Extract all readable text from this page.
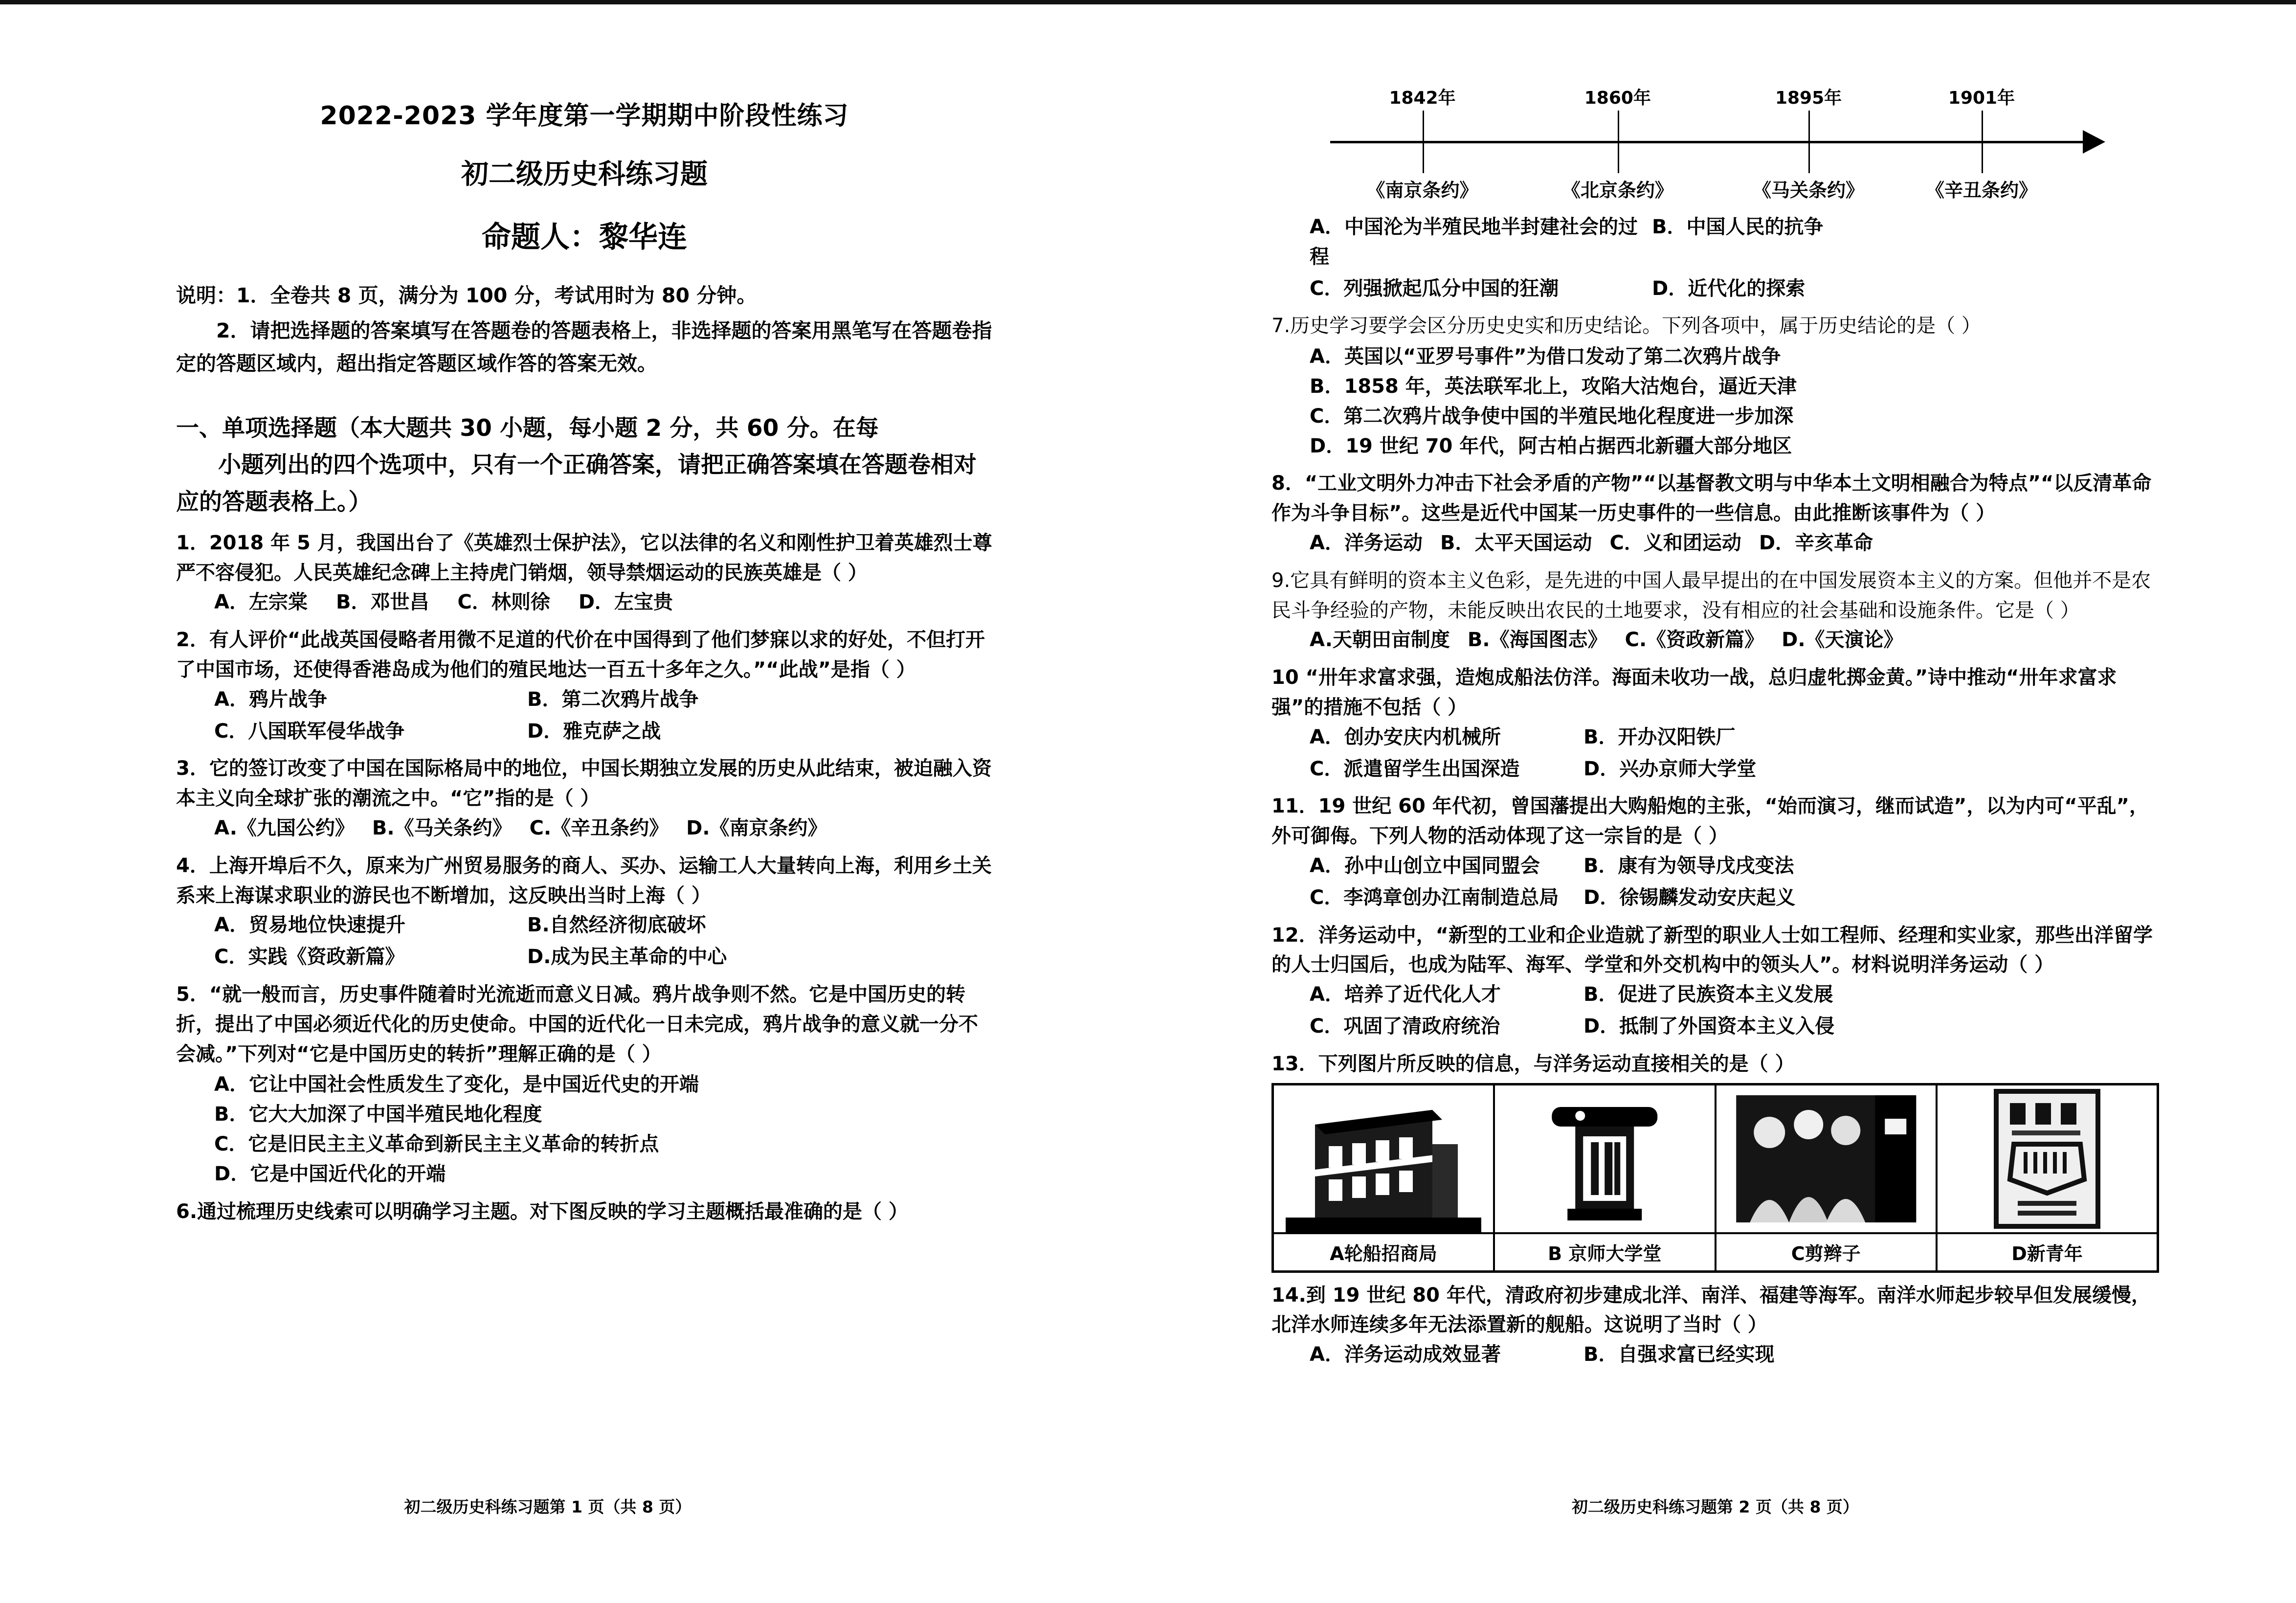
2022-2023 学年度第一学期期中阶段性练习
初二级历史科练习题
命题人：黎华连
说明：1．全卷共 8 页，满分为 100 分，考试用时为 80 分钟。
2．请把选择题的答案填写在答题卷的答题表格上，非选择题的答案用黑笔写在答题卷指定的答题区域内，超出指定答题区域作答的答案无效。
一、单项选择题（本大题共 30 小题，每小题 2 分，共 60 分。在每
小题列出的四个选项中，只有一个正确答案，请把正确答案填在答题卷相对应的答题表格上。）
1．2018 年 5 月，我国出台了《英雄烈士保护法》，它以法律的名义和刚性护卫着英雄烈士尊严不容侵犯。人民英雄纪念碑上主持虎门销烟，领导禁烟运动的民族英雄是（ ）
A．左宗棠 B．邓世昌 C．林则徐 D．左宝贵
2．有人评价“此战英国侵略者用微不足道的代价在中国得到了他们梦寐以求的好处，不但打开了中国市场，还使得香港岛成为他们的殖民地达一百五十多年之久。”“此战”是指（ ）
A．鸦片战争	B．第二次鸦片战争
C．八国联军侵华战争	D．雅克萨之战
3．它的签订改变了中国在国际格局中的地位，中国长期独立发展的历史从此结束，被迫融入资本主义向全球扩张的潮流之中。“它”指的是（ ）
A.《九国公约》 B.《马关条约》 C.《辛丑条约》 D.《南京条约》
4．上海开埠后不久，原来为广州贸易服务的商人、买办、运输工人大量转向上海，利用乡土关系来上海谋求职业的游民也不断增加，这反映出当时上海（ ）
A．贸易地位快速提升	B.自然经济彻底破坏
C．实践《资政新篇》	D.成为民主革命的中心
5．“就一般而言，历史事件随着时光流逝而意义日减。鸦片战争则不然。它是中国历史的转折，提出了中国必须近代化的历史使命。中国的近代化一日未完成，鸦片战争的意义就一分不会减。”下列对“它是中国历史的转折”理解正确的是（ ）
A．它让中国社会性质发生了变化，是中国近代史的开端
B．它大大加深了中国半殖民地化程度
C．它是旧民主主义革命到新民主主义革命的转折点
D．它是中国近代化的开端
6.通过梳理历史线索可以明确学习主题。对下图反映的学习主题概括最准确的是（ ）
初二级历史科练习题第 1 页（共 8 页）
1842年	1860年	1895年	1901年
《南京条约》	《北京条约》	《马关条约》	《辛丑条约》
A．中国沦为半殖民地半封建社会的过程
B．中国人民的抗争
C．列强掀起瓜分中国的狂潮	D．近代化的探索
7.历史学习要学会区分历史史实和历史结论。下列各项中，属于历史结论的是（ ）
A．英国以“亚罗号事件”为借口发动了第二次鸦片战争
B．1858 年，英法联军北上，攻陷大沽炮台，逼近天津
C．第二次鸦片战争使中国的半殖民地化程度进一步加深
D．19 世纪 70 年代，阿古柏占据西北新疆大部分地区
8．“工业文明外力冲击下社会矛盾的产物”“以基督教文明与中华本土文明相融合为特点”“以反清革命作为斗争目标”。这些是近代中国某一历史事件的一些信息。由此推断该事件为（ ）
A．洋务运动 B．太平天国运动 C．义和团运动 D．辛亥革命
9.它具有鲜明的资本主义色彩，是先进的中国人最早提出的在中国发展资本主义的方案。但他并不是农民斗争经验的产物，未能反映出农民的土地要求，没有相应的社会基础和设施条件。它是（ ）
A.天朝田亩制度 B.《海国图志》 C.《资政新篇》 D.《天演论》
10 “卅年求富求强，造炮成船法仿洋。海面未收功一战，总归虚牝掷金黄。”诗中推动“卅年求富求强”的措施不包括（ ）
A．创办安庆内机械所	B．开办汉阳铁厂
C．派遣留学生出国深造	D．兴办京师大学堂
11．19 世纪 60 年代初，曾国藩提出大购船炮的主张，“始而演习，继而试造”，以为内可“平乱”，外可御侮。下列人物的活动体现了这一宗旨的是（ ）
A．孙中山创立中国同盟会	B．康有为领导戊戌变法
C．李鸿章创办江南制造总局	D．徐锡麟发动安庆起义
12．洋务运动中，“新型的工业和企业造就了新型的职业人士如工程师、经理和实业家，那些出洋留学的人士归国后，也成为陆军、海军、学堂和外交机构中的领头人”。材料说明洋务运动（ ）
A．培养了近代化人才	B．促进了民族资本主义发展
C．巩固了清政府统治	D．抵制了外国资本主义入侵
13．下列图片所反映的信息，与洋务运动直接相关的是（ ）

A轮船招商局	B 京师大学堂	C剪辫子	D新青年
14.到 19 世纪 80 年代，清政府初步建成北洋、南洋、福建等海军。南洋水师起步较早但发展缓慢，北洋水师连续多年无法添置新的舰船。这说明了当时（ ）
A．洋务运动成效显著	B．自强求富已经实现
初二级历史科练习题第 2 页（共 8 页）
